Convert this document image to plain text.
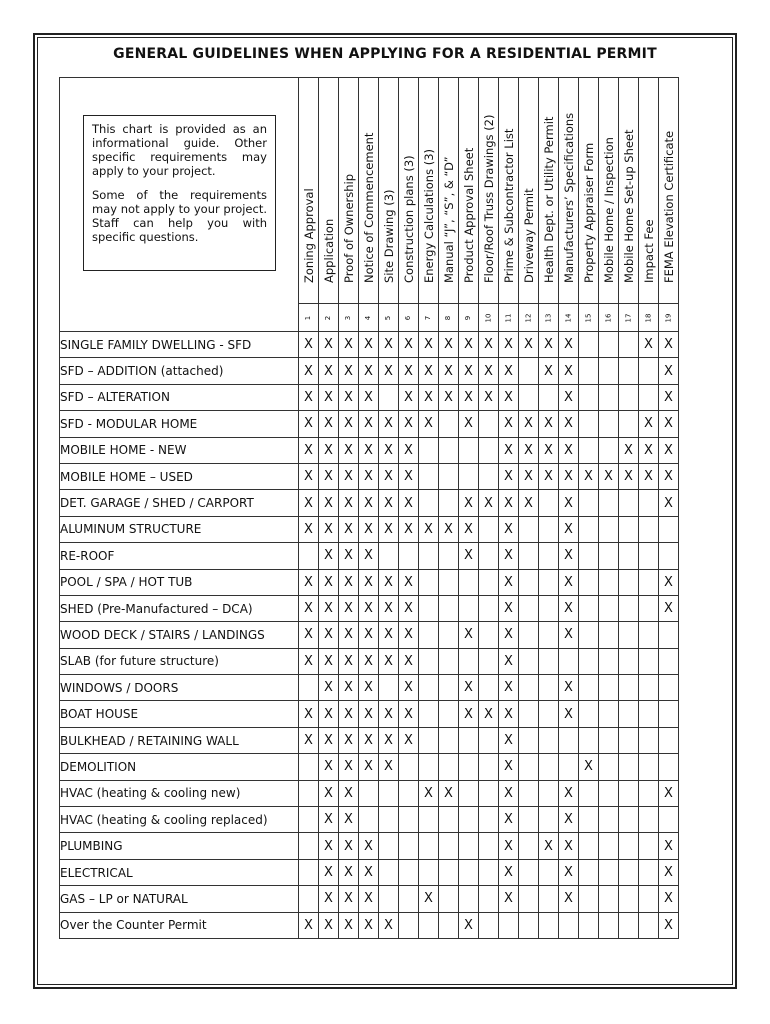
GENERAL GUIDELINES WHEN APPLYING FOR A RESIDENTIAL PERMIT

This chart is provided as an informational guide. Other specific requirements may apply to your project.

Some of the requirements may not apply to your project. Staff can help you with specific questions.	Zoning Approval	Application	Proof of Ownership	Notice of Commencement	Site Drawing (3)	Construction plans (3)	Energy Calculations (3)	Manual “J”, “S”, & “D”	Product Approval Sheet	Floor/Roof Truss Drawings (2)	Prime & Subcontractor List	Driveway Permit	Health Dept. or Utility Permit	Manufacturers’ Specifications	Property Appraiser Form	Mobile Home / Inspection	Mobile Home Set-up Sheet	Impact Fee	FEMA Elevation Certificate

	1	2	3	4	5	6	7	8	9	10	11	12	13	14	15	16	17	18	19
SINGLE FAMILY DWELLING - SFD	X	X	X	X	X	X	X	X	X	X	X	X	X	X				X	X
SFD – ADDITION (attached)	X	X	X	X	X	X	X	X	X	X	X		X	X					X
SFD – ALTERATION	X	X	X	X		X	X	X	X	X	X			X					X
SFD - MODULAR HOME	X	X	X	X	X	X	X		X		X	X	X	X				X	X
MOBILE HOME - NEW	X	X	X	X	X	X					X	X	X	X			X	X	X
MOBILE HOME – USED	X	X	X	X	X	X					X	X	X	X	X	X	X	X	X
DET. GARAGE / SHED / CARPORT	X	X	X	X	X	X			X	X	X	X		X					X
ALUMINUM STRUCTURE	X	X	X	X	X	X	X	X	X		X			X					
RE-ROOF		X	X	X					X		X			X					
POOL / SPA / HOT TUB	X	X	X	X	X	X					X			X					X
SHED (Pre-Manufactured – DCA)	X	X	X	X	X	X					X			X					X
WOOD DECK / STAIRS / LANDINGS	X	X	X	X	X	X			X		X			X					
SLAB (for future structure)	X	X	X	X	X	X					X								
WINDOWS / DOORS		X	X	X		X			X		X			X					
BOAT HOUSE	X	X	X	X	X	X			X	X	X			X					
BULKHEAD / RETAINING WALL	X	X	X	X	X	X					X								
DEMOLITION		X	X	X	X						X				X				
HVAC (heating & cooling new)		X	X				X	X			X			X					X
HVAC (heating & cooling replaced)		X	X								X			X					
PLUMBING		X	X	X							X		X	X					X
ELECTRICAL		X	X	X							X			X					X
GAS – LP or NATURAL		X	X	X			X				X			X					X
Over the Counter Permit	X	X	X	X	X				X										X
